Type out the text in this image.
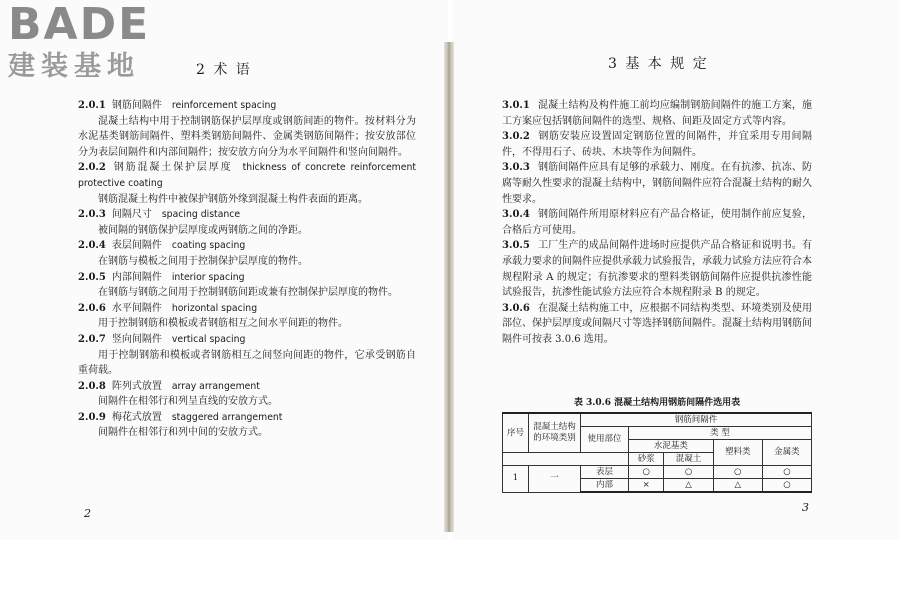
BADE
建装基地	2 术 语
2.0.1 钢筋间隔件 reinforcement spacing
混凝土结构中用于控制钢筋保护层厚度或钢筋间距的物件。按材料分为水泥基类钢筋间隔件、塑料类钢筋间隔件、金属类钢筋间隔件；按安放部位分为表层间隔件和内部间隔件；按安放方向分为水平间隔件和竖向间隔件。
2.0.2 钢筋混凝土保护层厚度 thickness of concrete reinforcement protective coating
钢筋混凝土构件中被保护钢筋外缘到混凝土构件表面的距离。
2.0.3 间隔尺寸 spacing distance
被间隔的钢筋保护层厚度或两钢筋之间的净距。
2.0.4 表层间隔件 coating spacing
在钢筋与模板之间用于控制保护层厚度的物件。
2.0.5 内部间隔件 interior spacing
在钢筋与钢筋之间用于控制钢筋间距或兼有控制保护层厚度的物件。
2.0.6 水平间隔件 horizontal spacing
用于控制钢筋和模板或者钢筋相互之间水平间距的物件。
2.0.7 竖向间隔件 vertical spacing
用于控制钢筋和模板或者钢筋相互之间竖向间距的物件，它承受钢筋自重荷载。
2.0.8 阵列式放置 array arrangement
间隔件在相邻行和列呈直线的安放方式。
2.0.9 梅花式放置 staggered arrangement
间隔件在相邻行和列中间的安放方式。
2
3 基 本 规 定
3.0.1 混凝土结构及构件施工前均应编制钢筋间隔件的施工方案，施工方案应包括钢筋间隔件的选型、规格、间距及固定方式等内容。
3.0.2 钢筋安装应设置固定钢筋位置的间隔件，并宜采用专用间隔件，不得用石子、砖块、木块等作为间隔件。
3.0.3 钢筋间隔件应具有足够的承载力、刚度。在有抗渗、抗冻、防腐等耐久性要求的混凝土结构中，钢筋间隔件应符合混凝土结构的耐久性要求。
3.0.4 钢筋间隔件所用原材料应有产品合格证，使用制作前应复验，合格后方可使用。
3.0.5 工厂生产的成品间隔件进场时应提供产品合格证和说明书。有承载力要求的间隔件应提供承载力试验报告，承载力试验方法应符合本规程附录 A 的规定；有抗渗要求的塑料类钢筋间隔件应提供抗渗性能试验报告，抗渗性能试验方法应符合本规程附录 B 的规定。
3.0.6 在混凝土结构施工中，应根据不同结构类型、环境类别及使用部位、保护层厚度或间隔尺寸等选择钢筋间隔件。混凝土结构用钢筋间隔件可按表 3.0.6 选用。
表 3.0.6 混凝土结构用钢筋间隔件选用表
序号	混凝土结构的环境类别	钢筋间隔件				
		使用部位	类 型			
			水泥基类		塑料类	金属类
			砂浆	混凝土		
1	一	表层	○	○	○	○
		内部	×	△	△	○
3
